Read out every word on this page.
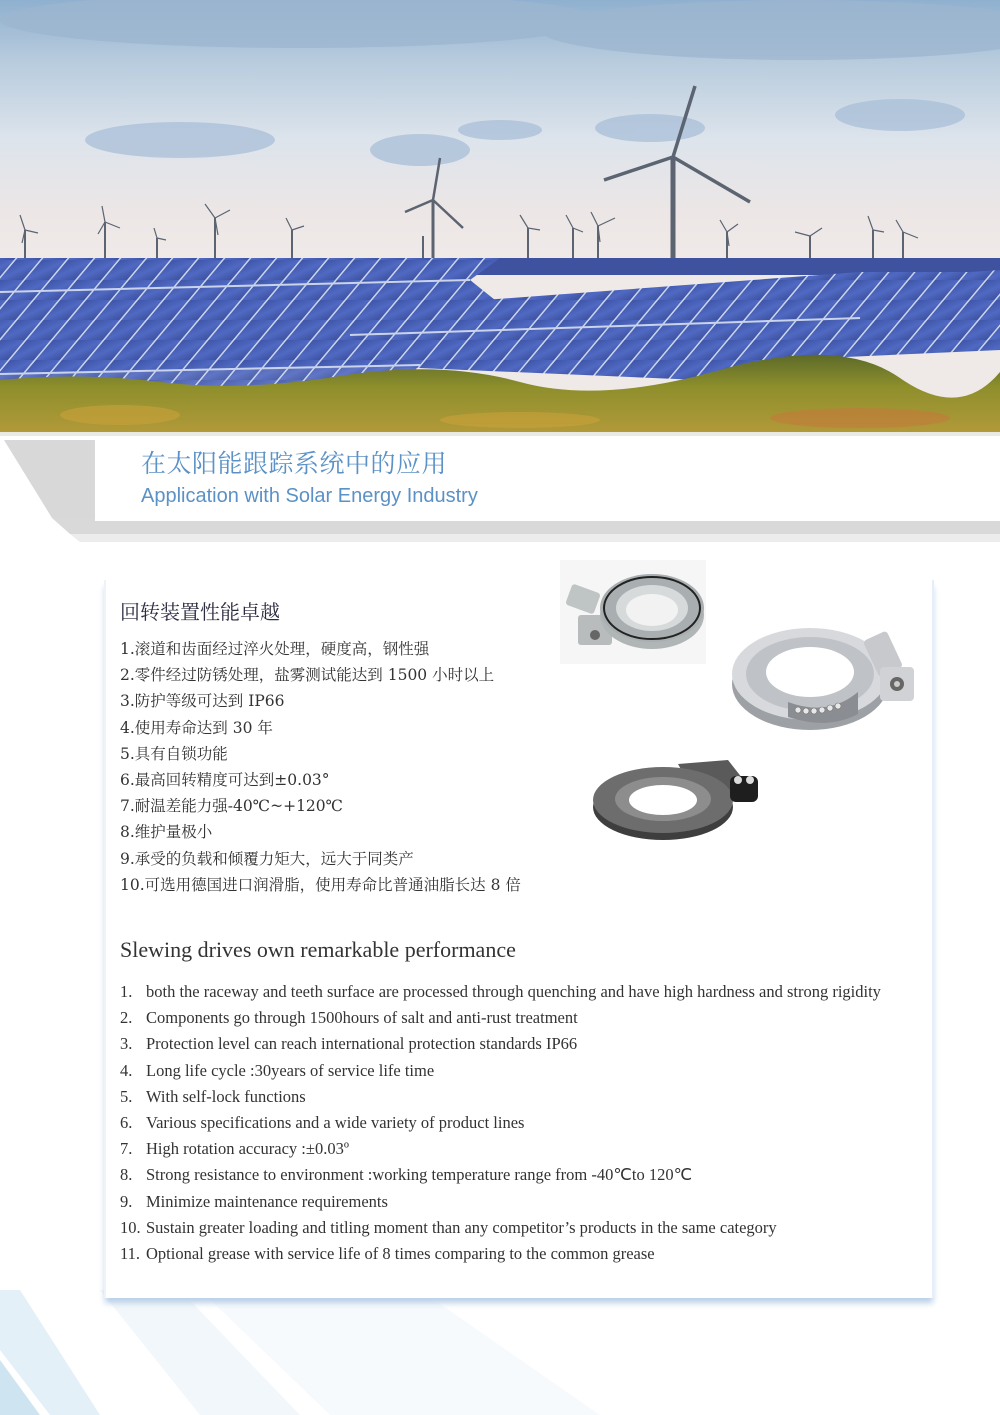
在太阳能跟踪系统中的应用
Application with Solar Energy Industry
回转装置性能卓越
1.滚道和齿面经过淬火处理，硬度高，钢性强
2.零件经过防锈处理，盐雾测试能达到 1500 小时以上
3.防护等级可达到 IP66
4.使用寿命达到 30 年
5.具有自锁功能
6.最高回转精度可达到±0.03°
7.耐温差能力强-40℃~+120℃
8.维护量极小
9.承受的负载和倾覆力矩大，远大于同类产
10.可选用德国进口润滑脂，使用寿命比普通油脂长达 8 倍
Slewing drives own remarkable performance
1. both the raceway and teeth surface are processed through quenching and have high hardness and strong rigidity
2. Components go through 1500hours of salt and anti-rust treatment
3. Protection level can reach international protection standards IP66
4. Long life cycle :30years of service life time
5. With self-lock functions
6. Various specifications and a wide variety of product lines
7. High rotation accuracy :±0.03º
8. Strong resistance to environment :working temperature range from -40℃to 120℃
9. Minimize maintenance requirements
10. Sustain greater loading and titling moment than any competitor’s products in the same category
11. Optional grease with service life of 8 times comparing to the common grease
